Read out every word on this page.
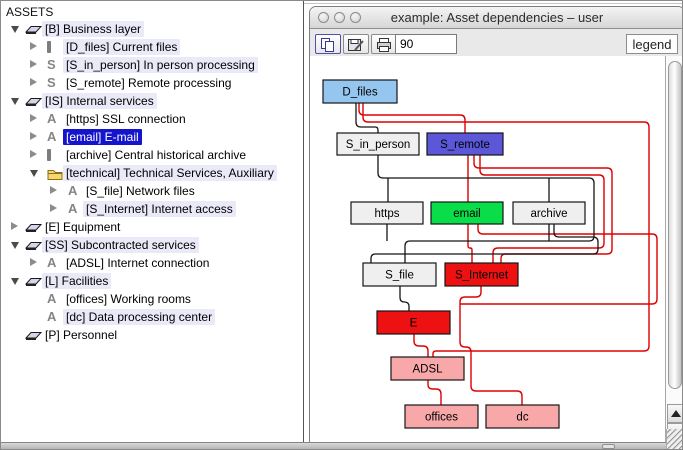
ASSETS
[B] Business layer
[D_files] Current files
S [S_in_person] In person processing
S [S_remote] Remote processing
[IS] Internal services
A [https] SSL connection
A [email] E-mail
[archive] Central historical archive
[technical] Technical Services, Auxiliary
A [S_file] Network files
A [S_Internet] Internet access
[E] Equipment
[SS] Subcontracted services
A [ADSL] Internet connection
[L] Facilities
A [offices] Working rooms
A [dc] Data processing center
[P] Personnel
example: Asset dependencies – user
90
legend
D_files
S_in_person	S_remote
https	email	archive
S_file	S_Internet
E
ADSL
offices	dc
